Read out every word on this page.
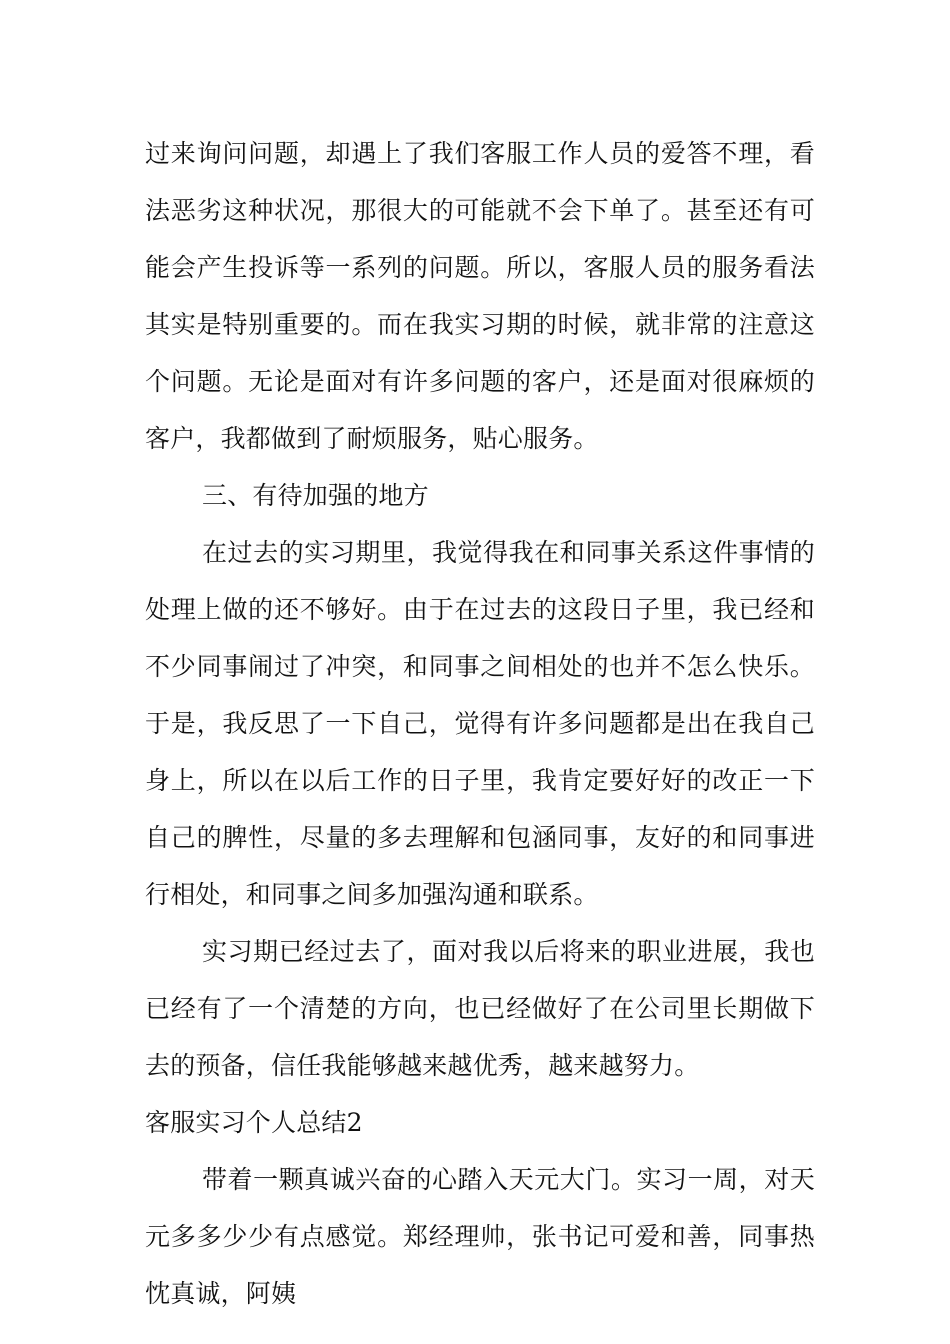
过来询问问题，却遇上了我们客服工作人员的爱答不理，看法恶劣这种状况，那很大的可能就不会下单了。甚至还有可能会产生投诉等一系列的问题。所以，客服人员的服务看法其实是特别重要的。而在我实习期的时候，就非常的注意这个问题。无论是面对有许多问题的客户，还是面对很麻烦的客户，我都做到了耐烦服务，贴心服务。

三、有待加强的地方

在过去的实习期里，我觉得我在和同事关系这件事情的处理上做的还不够好。由于在过去的这段日子里，我已经和不少同事闹过了冲突，和同事之间相处的也并不怎么快乐。于是，我反思了一下自己，觉得有许多问题都是出在我自己身上，所以在以后工作的日子里，我肯定要好好的改正一下自己的脾性，尽量的多去理解和包涵同事，友好的和同事进行相处，和同事之间多加强沟通和联系。

实习期已经过去了，面对我以后将来的职业进展，我也已经有了一个清楚的方向，也已经做好了在公司里长期做下去的预备，信任我能够越来越优秀，越来越努力。

客服实习个人总结2

带着一颗真诚兴奋的心踏入天元大门。实习一周，对天元多多少少有点感觉。郑经理帅，张书记可爱和善，同事热忱真诚，阿姨
